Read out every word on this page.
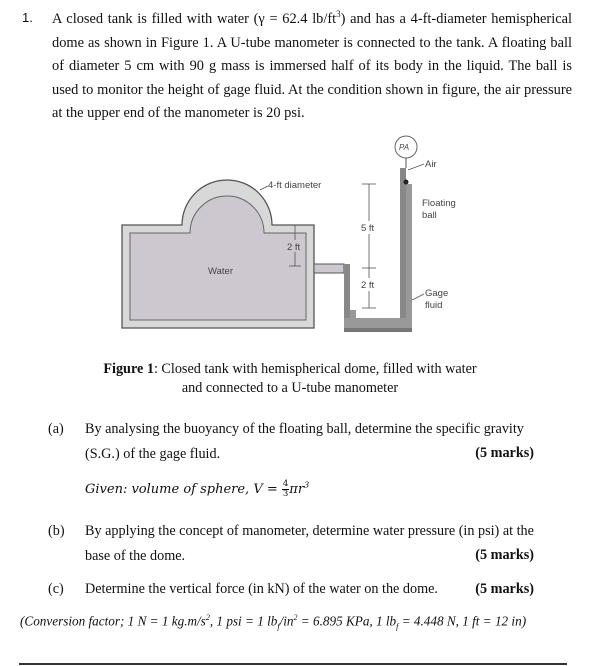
1. A closed tank is filled with water (γ = 62.4 $lb/ft^3$) and has a 4-ft-diameter hemispherical dome as shown in Figure 1. A U-tube manometer is connected to the tank. A floating ball of diameter 5 cm with 90 g mass is immersed half of its body in the liquid. The ball is used to monitor the height of gage fluid. At the condition shown in figure, the air pressure at the upper end of the manometer is 20 psi.
PA
4-ft diameter
Water
5 ft
2 ft
2 ft
Air
Floating
ball
Gage
fluid
Figure 1: Closed tank with hemispherical dome, filled with water
and connected to a U-tube manometer
(a) By analysing the buoyancy of the floating ball, determine the specific gravity (S.G.) of the gage fluid.	(5 marks)
Given: volume of sphere, $V = \frac{4}{3} \pi r^3$
(b) By applying the concept of manometer, determine water pressure (in psi) at the base of the dome.	(5 marks)
(c) Determine the vertical force (in kN) of the water on the dome.	(5 marks)
(Conversion factor; 1 N = 1 $kg.m/s^2$, 1 psi = 1 $lb_f/in^2 = 6.895$ KPa, 1 $lb_f = 4.448$ N, 1 ft = 12 in)
